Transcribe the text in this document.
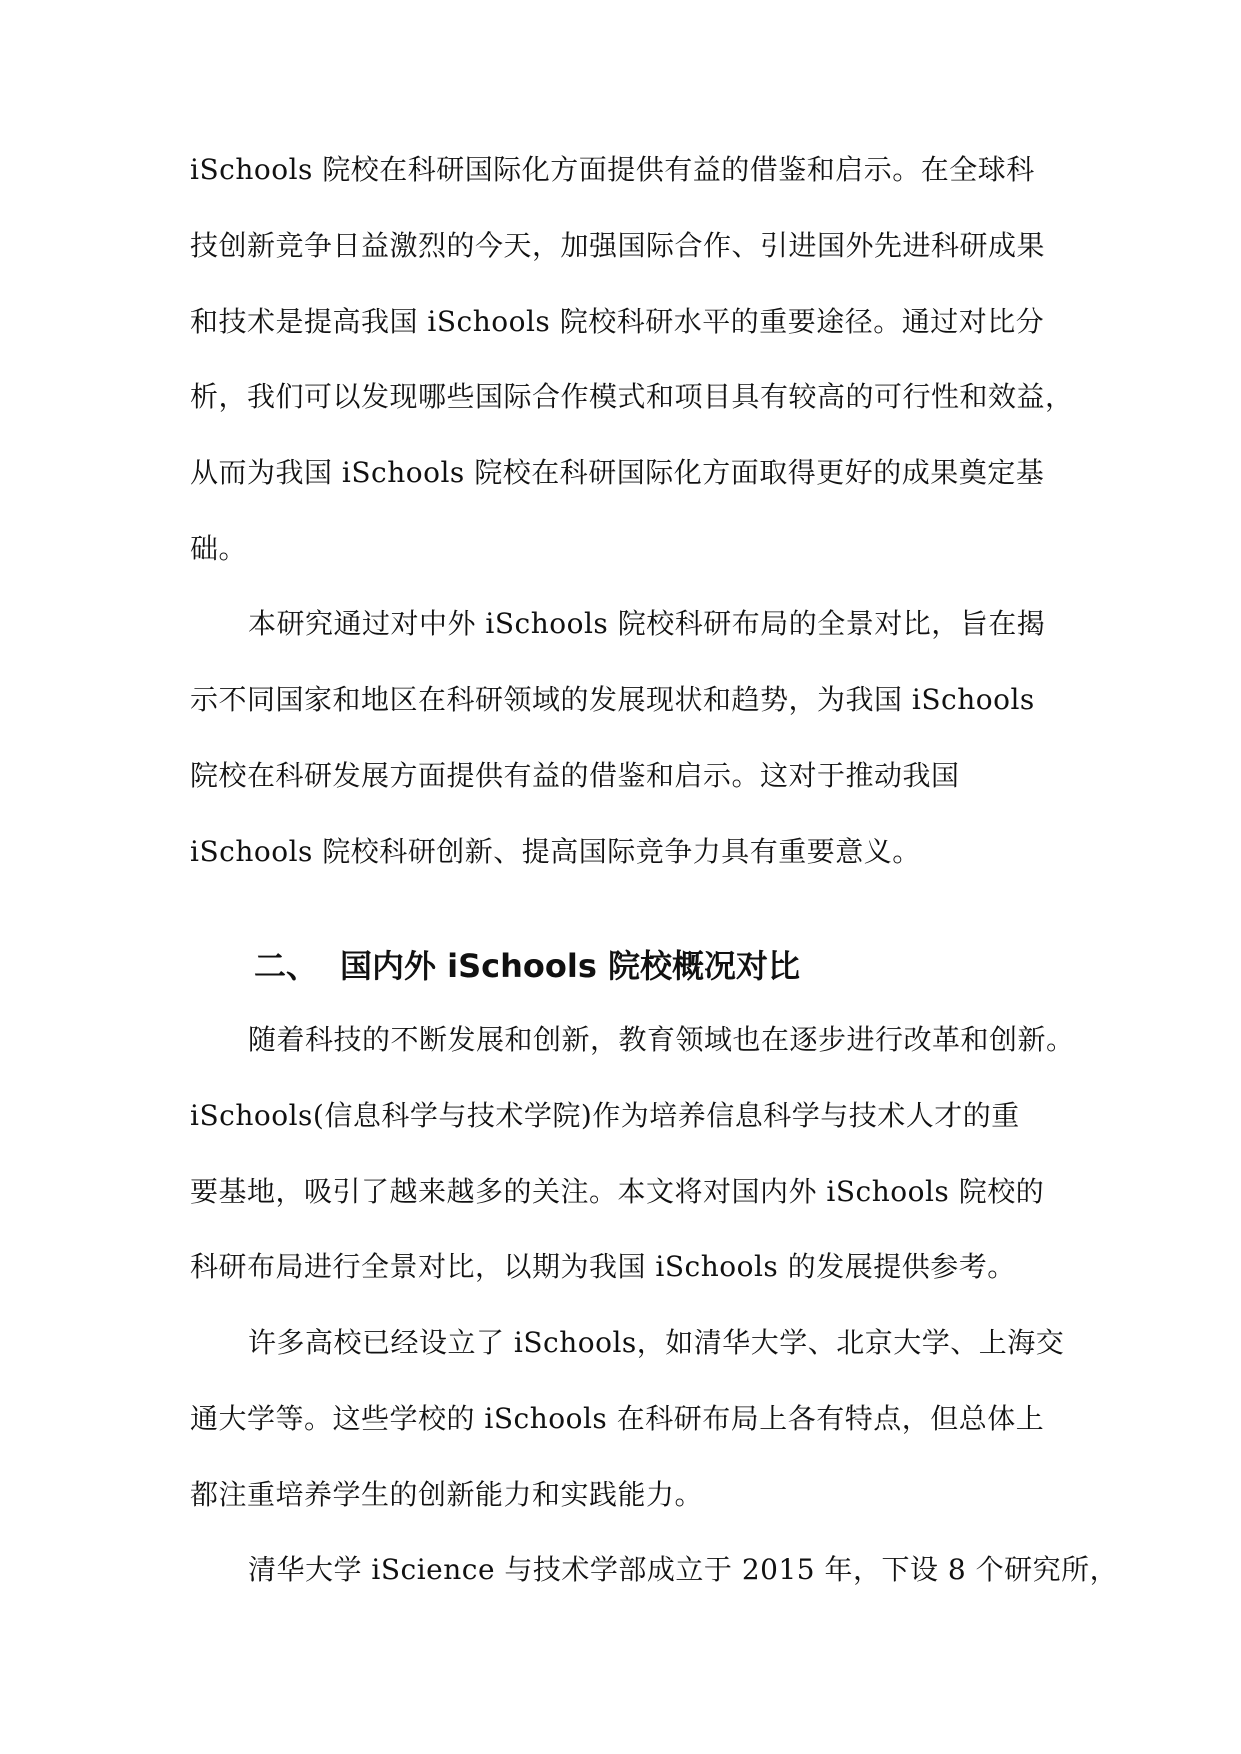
iSchools 院校在科研国际化方面提供有益的借鉴和启示。在全球科
技创新竞争日益激烈的今天，加强国际合作、引进国外先进科研成果
和技术是提高我国 iSchools 院校科研水平的重要途径。通过对比分
析，我们可以发现哪些国际合作模式和项目具有较高的可行性和效益，
从而为我国 iSchools 院校在科研国际化方面取得更好的成果奠定基
础。
本研究通过对中外 iSchools 院校科研布局的全景对比，旨在揭
示不同国家和地区在科研领域的发展现状和趋势，为我国 iSchools
院校在科研发展方面提供有益的借鉴和启示。这对于推动我国
iSchools 院校科研创新、提高国际竞争力具有重要意义。
二、 国内外 iSchools 院校概况对比
随着科技的不断发展和创新，教育领域也在逐步进行改革和创新。
iSchools(信息科学与技术学院)作为培养信息科学与技术人才的重
要基地，吸引了越来越多的关注。本文将对国内外 iSchools 院校的
科研布局进行全景对比，以期为我国 iSchools 的发展提供参考。
许多高校已经设立了 iSchools，如清华大学、北京大学、上海交
通大学等。这些学校的 iSchools 在科研布局上各有特点，但总体上
都注重培养学生的创新能力和实践能力。
清华大学 iScience 与技术学部成立于 2015 年，下设 8 个研究所，
